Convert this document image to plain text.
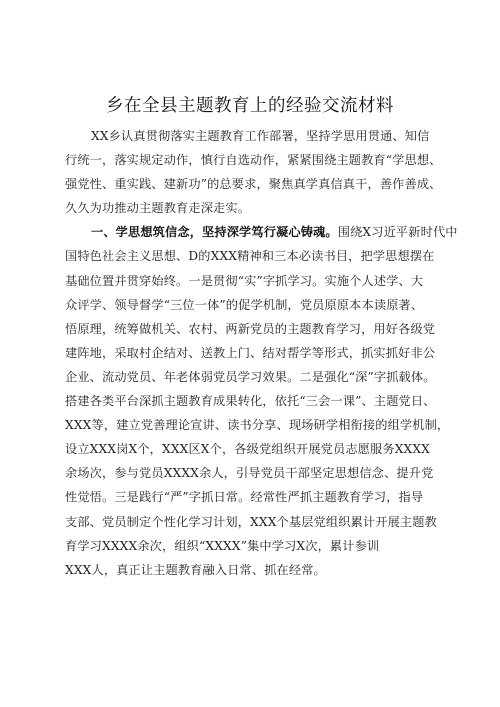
乡在全县主题教育上的经验交流材料
XX乡认真贯彻落实主题教育工作部署，坚持学思用贯通、知信
行统一，落实规定动作，慎行自选动作，紧紧围绕主题教育“学思想、
强党性、重实践、建新功”的总要求，聚焦真学真信真干，善作善成、
久久为功推动主题教育走深走实。
一、学思想筑信念，坚持深学笃行凝心铸魂。围绕X习近平新时代中
国特色社会主义思想、D的XXX精神和三本必读书目，把学思想摆在
基础位置并贯穿始终。一是贯彻“实”字抓学习。实施个人述学、大
众评学、领导督学“三位一体”的促学机制，党员原原本本读原著、
悟原理，统筹做机关、农村、两新党员的主题教育学习，用好各级党
建阵地，采取村企结对、送教上门、结对帮学等形式，抓实抓好非公
企业、流动党员、年老体弱党员学习效果。二是强化“深”字抓载体。
搭建各类平台深抓主题教育成果转化，依托“三会一课”、主题党日、
XXX等，建立党善理论宣讲、读书分享、现场研学相衔接的组学机制，
设立XXX岗X个，XXX区X个，各级党组织开展党员志愿服务XXXX
余场次，参与党员XXXX余人，引导党员干部坚定思想信念、提升党
性觉悟。三是践行“严”字抓日常。经常性严抓主题教育学习，指导
支部、党员制定个性化学习计划，XXX个基层党组织累计开展主题教
育学习XXXX余次，组织“XXXX”集中学习X次，累计参训
XXX人，真正让主题教育融入日常、抓在经常。
